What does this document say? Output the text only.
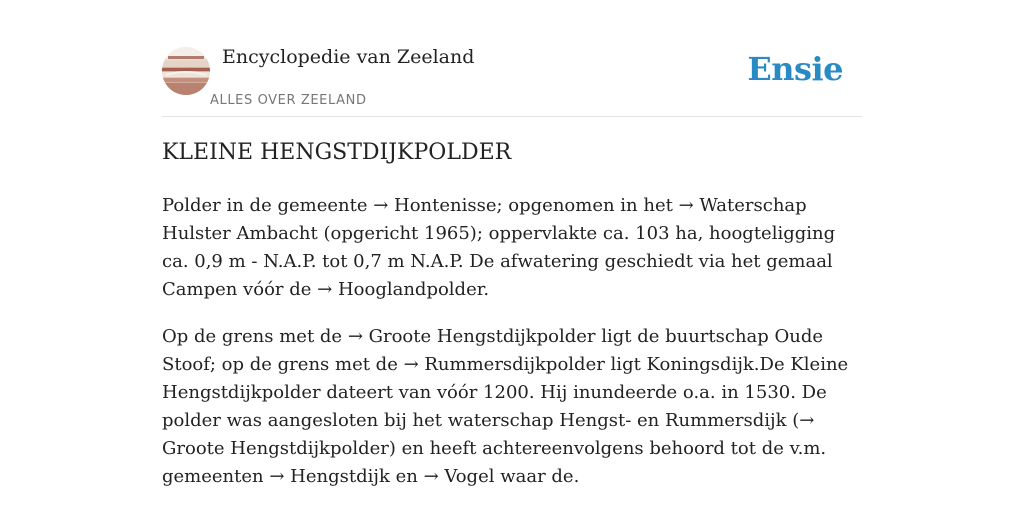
Encyclopedie van Zeeland
ALLES OVER ZEELAND
Ensie
KLEINE HENGSTDIJKPOLDER

Polder in de gemeente → Hontenisse; opgenomen in het → Waterschap Hulster Ambacht (opgericht 1965); oppervlakte ca. 103 ha, hoogteligging ca. 0,9 m - N.A.P. tot 0,7 m N.A.P. De afwatering geschiedt via het gemaal Campen vóór de → Hooglandpolder.

Op de grens met de → Groote Hengstdijkpolder ligt de buurtschap Oude Stoof; op de grens met de → Rummersdijkpolder ligt Koningsdijk.De Kleine Hengstdijkpolder dateert van vóór 1200. Hij inundeerde o.a. in 1530. De polder was aangesloten bij het waterschap Hengst- en Rummersdijk (→ Groote Hengstdijkpolder) en heeft achtereenvolgens behoord tot de v.m. gemeenten → Hengstdijk en → Vogel waar de.
